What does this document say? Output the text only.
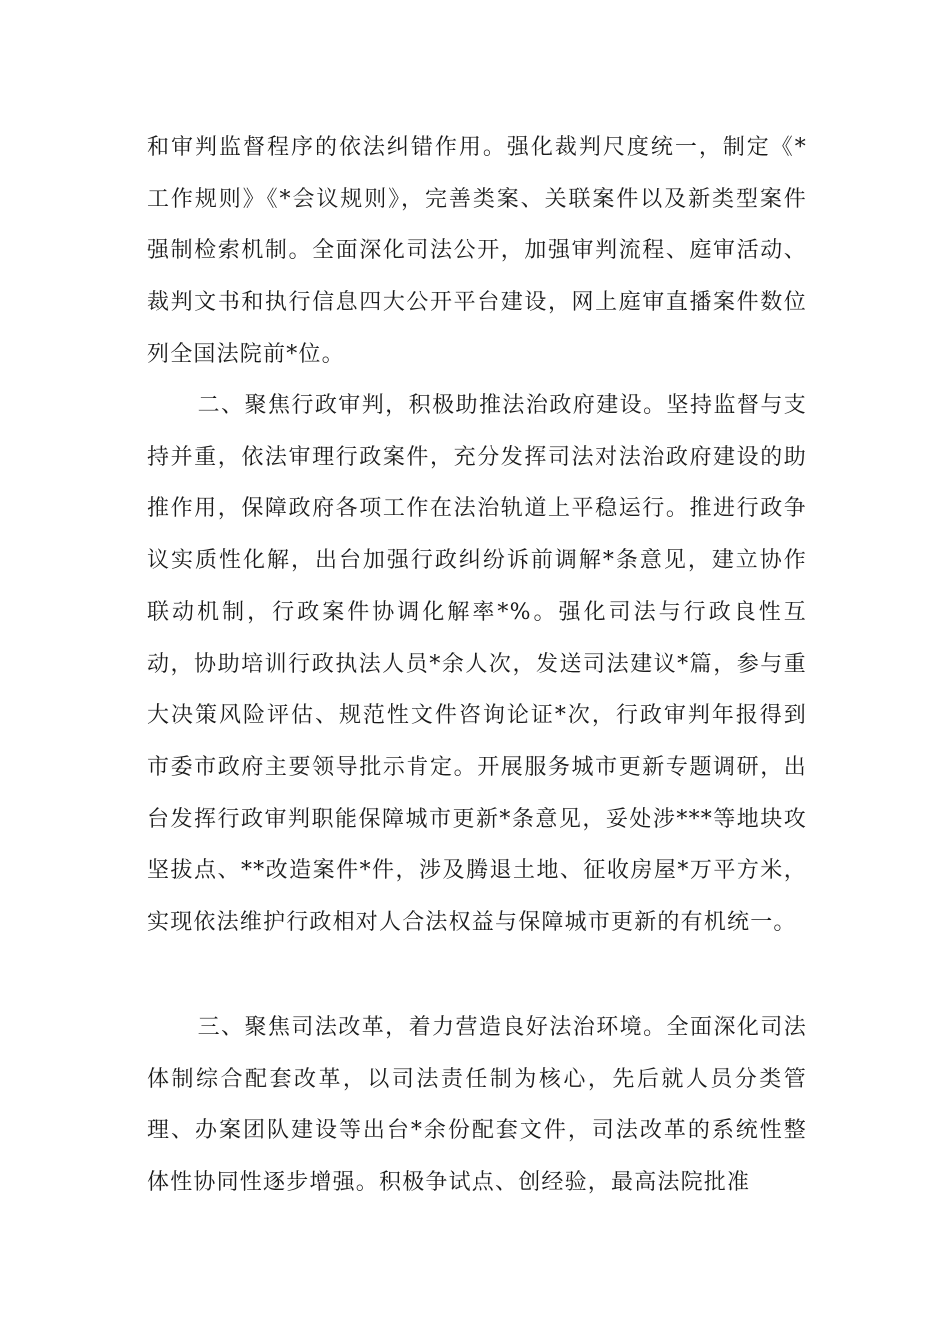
和审判监督程序的依法纠错作用。强化裁判尺度统一，制定《*工作规则》《*会议规则》，完善类案、关联案件以及新类型案件强制检索机制。全面深化司法公开，加强审判流程、庭审活动、裁判文书和执行信息四大公开平台建设，网上庭审直播案件数位列全国法院前*位。

二、聚焦行政审判，积极助推法治政府建设。坚持监督与支持并重，依法审理行政案件，充分发挥司法对法治政府建设的助推作用，保障政府各项工作在法治轨道上平稳运行。推进行政争议实质性化解，出台加强行政纠纷诉前调解*条意见，建立协作联动机制，行政案件协调化解率*%。强化司法与行政良性互动，协助培训行政执法人员*余人次，发送司法建议*篇，参与重大决策风险评估、规范性文件咨询论证*次，行政审判年报得到市委市政府主要领导批示肯定。开展服务城市更新专题调研，出台发挥行政审判职能保障城市更新*条意见，妥处涉***等地块攻坚拔点、**改造案件*件，涉及腾退土地、征收房屋*万平方米，实现依法维护行政相对人合法权益与保障城市更新的有机统一。

三、聚焦司法改革，着力营造良好法治环境。全面深化司法体制综合配套改革，以司法责任制为核心，先后就人员分类管理、办案团队建设等出台*余份配套文件，司法改革的系统性整体性协同性逐步增强。积极争试点、创经验，最高法院批准
